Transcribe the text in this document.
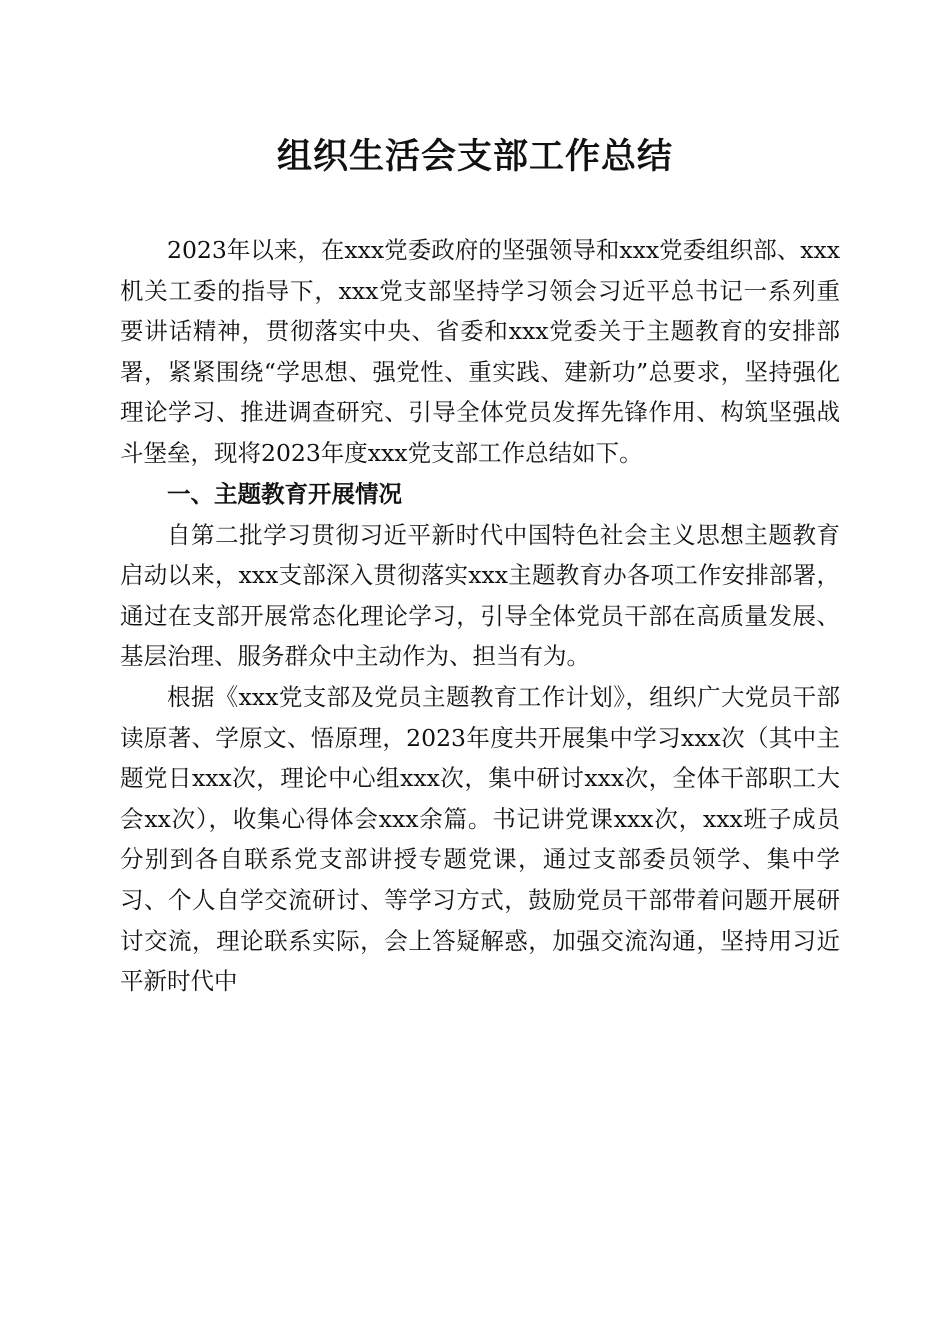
组织生活会支部工作总结

2023年以来，在xxx党委政府的坚强领导和xxx党委组织部、xxx机关工委的指导下，xxx党支部坚持学习领会习近平总书记一系列重要讲话精神，贯彻落实中央、省委和xxx党委关于主题教育的安排部署，紧紧围绕“学思想、强党性、重实践、建新功”总要求，坚持强化理论学习、推进调查研究、引导全体党员发挥先锋作用、构筑坚强战斗堡垒，现将2023年度xxx党支部工作总结如下。

一、主题教育开展情况

自第二批学习贯彻习近平新时代中国特色社会主义思想主题教育启动以来，xxx支部深入贯彻落实xxx主题教育办各项工作安排部署，通过在支部开展常态化理论学习，引导全体党员干部在高质量发展、基层治理、服务群众中主动作为、担当有为。

根据《xxx党支部及党员主题教育工作计划》，组织广大党员干部读原著、学原文、悟原理，2023年度共开展集中学习xxx次（其中主题党日xxx次，理论中心组xxx次，集中研讨xxx次，全体干部职工大会xx次），收集心得体会xxx余篇。书记讲党课xxx次，xxx班子成员分别到各自联系党支部讲授专题党课，通过支部委员领学、集中学习、个人自学交流研讨、等学习方式，鼓励党员干部带着问题开展研讨交流，理论联系实际，会上答疑解惑，加强交流沟通，坚持用习近平新时代中
